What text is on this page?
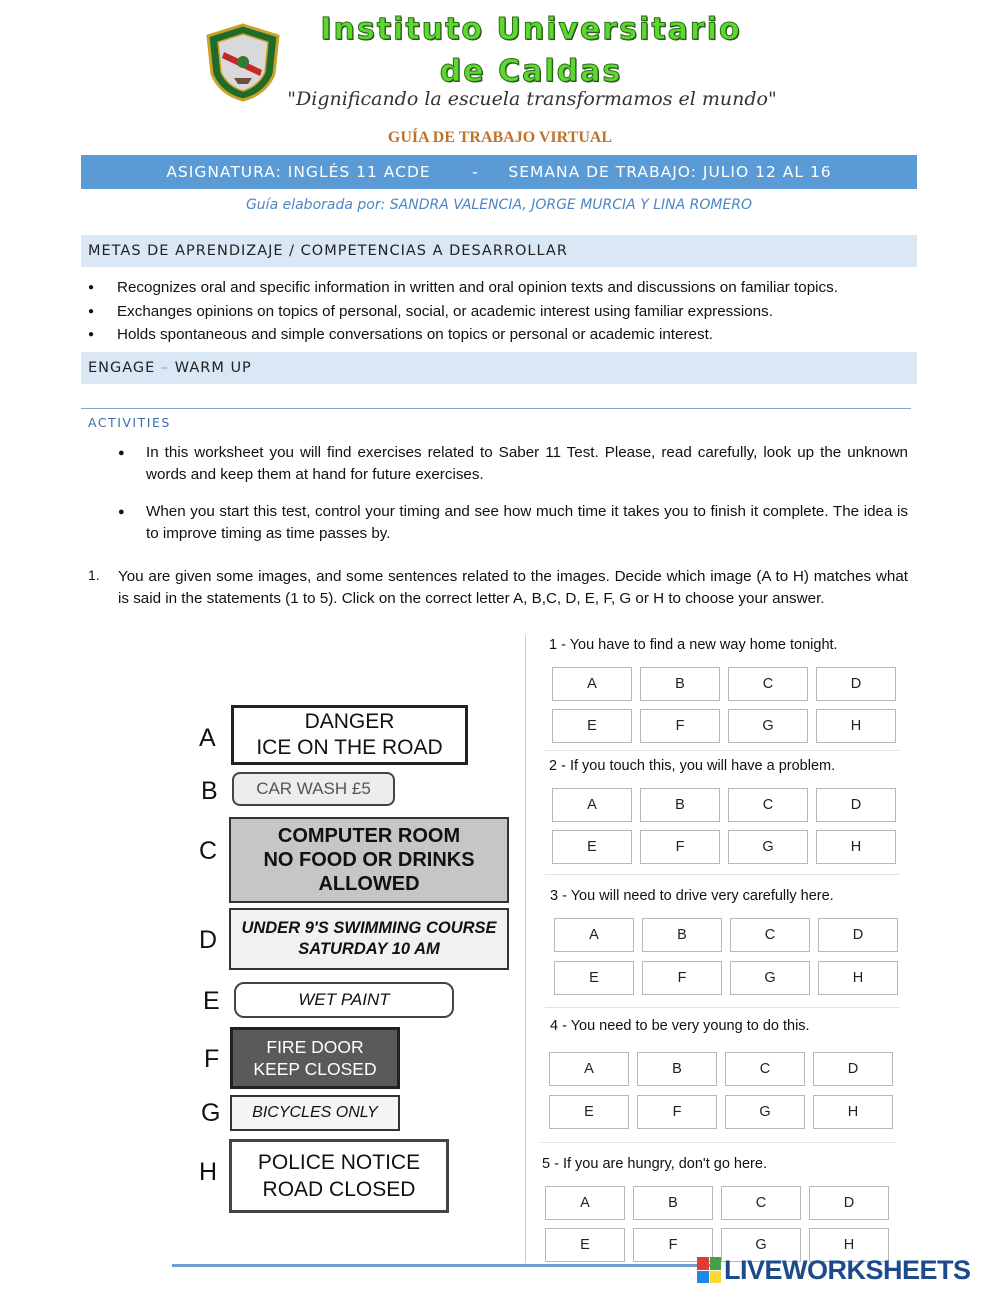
Instituto Universitario
de Caldas
"Dignificando la escuela transformamos el mundo"
GUÍA DE TRABAJO VIRTUAL
ASIGNATURA: INGLÉS 11 ACDE       -     SEMANA DE TRABAJO: JULIO 12 AL 16
Guía elaborada por: SANDRA VALENCIA, JORGE MURCIA Y LINA ROMERO
METAS DE APRENDIZAJE / COMPETENCIAS A DESARROLLAR
● Recognizes oral and specific information in written and oral opinion texts and discussions on familiar topics.
● Exchanges opinions on topics of personal, social, or academic interest using familiar expressions.
● Holds spontaneous and simple conversations on topics or personal or academic interest.
ENGAGE
–
WARM UP
ACTIVITIES
●	In this worksheet you will find exercises related to Saber 11 Test. Please, read carefully, look up the unknown words and keep them at hand for future exercises.
●	When you start this test, control your timing and see how much time it takes you to finish it complete. The idea is to improve timing as time passes by.
1. You are given some images, and some sentences related to the images. Decide which image (A to H) matches what is said in the statements (1 to 5). Click on the correct letter A, B,C, D, E, F, G or H to choose your answer.
A
DANGER
ICE ON THE ROAD
B	CAR WASH £5
C
COMPUTER ROOM
NO FOOD OR DRINKS
ALLOWED
D	UNDER 9'S SWIMMING COURSE
SATURDAY 10 AM
E	WET PAINT
F	FIRE DOOR
KEEP CLOSED
G	BICYCLES ONLY
H	POLICE NOTICE
ROAD CLOSED
1 - You have to find a new way home tonight.
A	B	C	D
E	F	G	H
2 - If you touch this, you will have a problem.
A	B	C	D
E	F	G	H
3 - You will need to drive very carefully here.
A	B	C	D
E	F	G	H
4 - You need to be very young to do this.
A	B	C	D
E	F	G	H
5 - If you are hungry, don't go here.
A	B	C	D
E	F	G	H
LIVEWORKSHEETS
